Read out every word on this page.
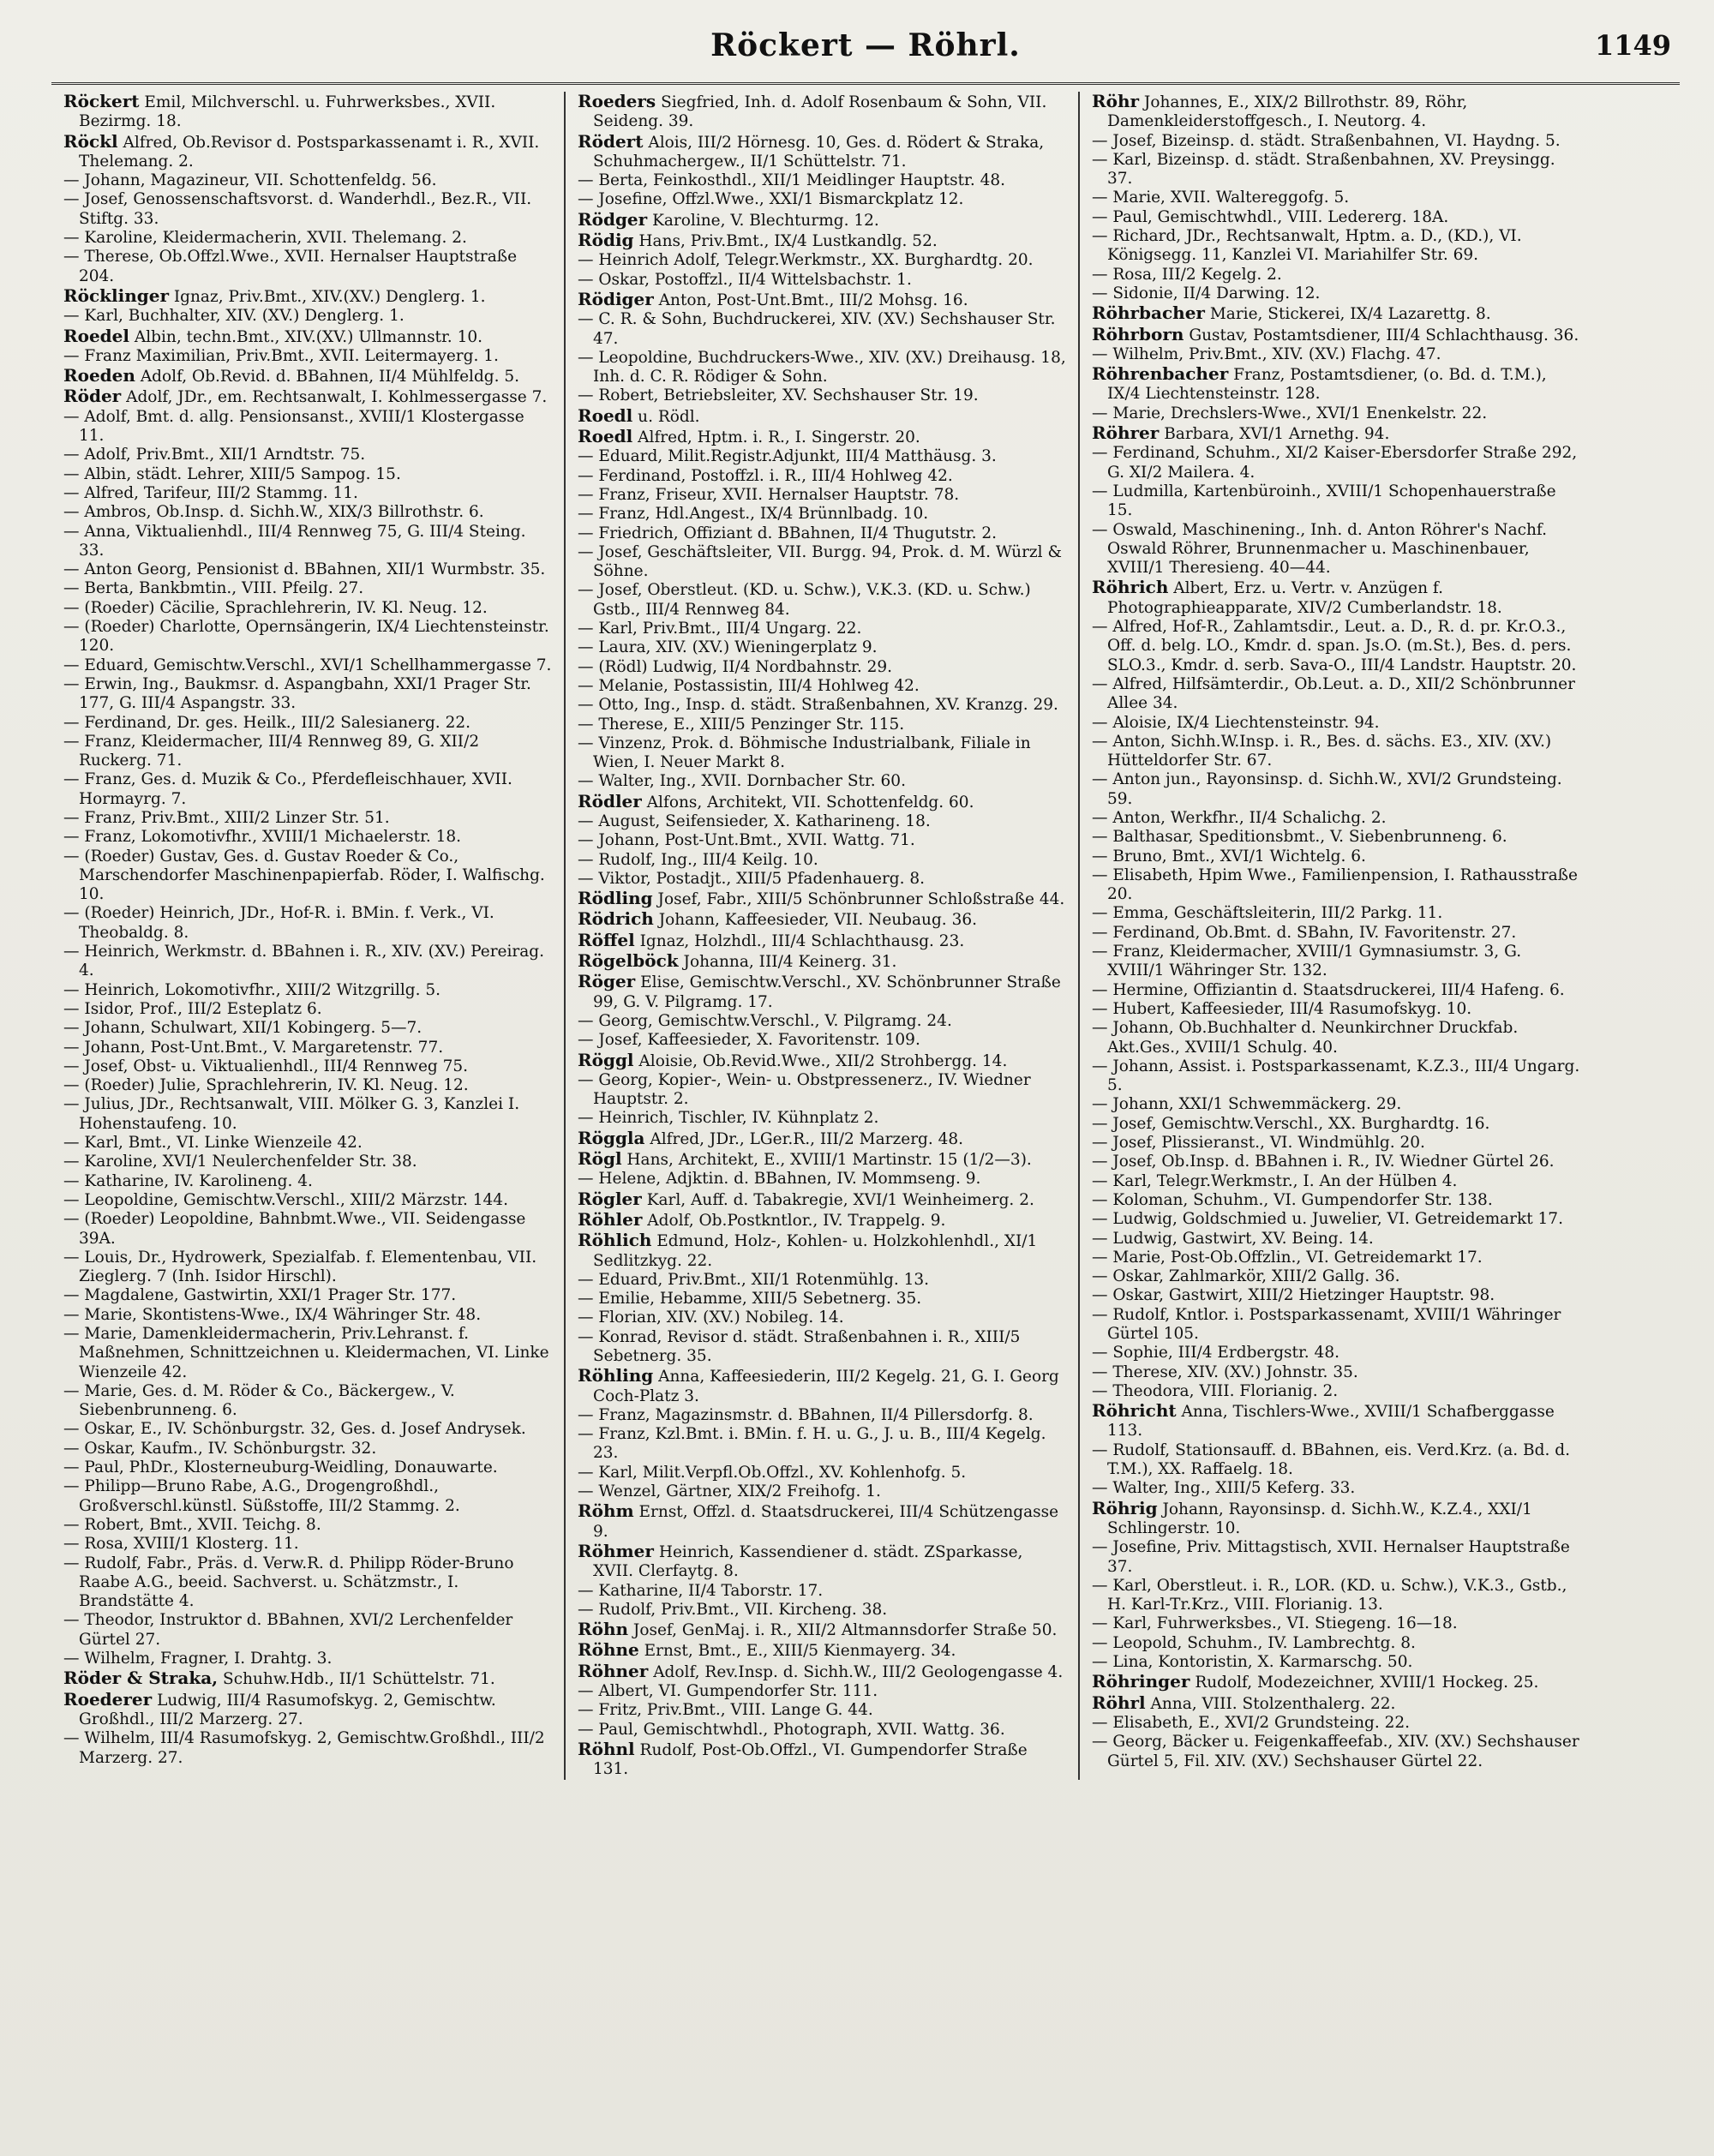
Röckert — Röhrl.	1149

Röckert Emil, Milchverschl. u. Fuhrwerksbes., XVII. Bezirmg. 18.

Röckl Alfred, Ob.Revisor d. Postsparkassenamt i. R., XVII. Thelemang. 2.

— Johann, Magazineur, VII. Schottenfeldg. 56.

— Josef, Genossenschaftsvorst. d. Wanderhdl., Bez.R., VII. Stiftg. 33.

— Karoline, Kleidermacherin, XVII. Thelemang. 2.

— Therese, Ob.Offzl.Wwe., XVII. Hernalser Hauptstraße 204.

Röcklinger Ignaz, Priv.Bmt., XIV.(XV.) Denglerg. 1.

— Karl, Buchhalter, XIV. (XV.) Denglerg. 1.

Roedel Albin, techn.Bmt., XIV.(XV.) Ullmannstr. 10.

— Franz Maximilian, Priv.Bmt., XVII. Leitermayerg. 1.

Roeden Adolf, Ob.Revid. d. BBahnen, II/4 Mühlfeldg. 5.

Röder Adolf, JDr., em. Rechtsanwalt, I. Kohlmessergasse 7.

— Adolf, Bmt. d. allg. Pensionsanst., XVIII/1 Klostergasse 11.

— Adolf, Priv.Bmt., XII/1 Arndtstr. 75.

— Albin, städt. Lehrer, XIII/5 Sampog. 15.

— Alfred, Tarifeur, III/2 Stammg. 11.

— Ambros, Ob.Insp. d. Sichh.W., XIX/3 Billrothstr. 6.

— Anna, Viktualienhdl., III/4 Rennweg 75, G. III/4 Steing. 33.

— Anton Georg, Pensionist d. BBahnen, XII/1 Wurmbstr. 35.

— Berta, Bankbmtin., VIII. Pfeilg. 27.

— (Roeder) Cäcilie, Sprachlehrerin, IV. Kl. Neug. 12.

— (Roeder) Charlotte, Opernsängerin, IX/4 Liechtensteinstr. 120.

— Eduard, Gemischtw.Verschl., XVI/1 Schellhammergasse 7.

— Erwin, Ing., Baukmsr. d. Aspangbahn, XXI/1 Prager Str. 177, G. III/4 Aspangstr. 33.

— Ferdinand, Dr. ges. Heilk., III/2 Salesianerg. 22.

— Franz, Kleidermacher, III/4 Rennweg 89, G. XII/2 Ruckerg. 71.

— Franz, Ges. d. Muzik & Co., Pferdefleischhauer, XVII. Hormayrg. 7.

— Franz, Priv.Bmt., XIII/2 Linzer Str. 51.

— Franz, Lokomotivfhr., XVIII/1 Michaelerstr. 18.

— (Roeder) Gustav, Ges. d. Gustav Roeder & Co., Marschendorfer Maschinenpapierfab. Röder, I. Walfischg. 10.

— (Roeder) Heinrich, JDr., Hof-R. i. BMin. f. Verk., VI. Theobaldg. 8.

— Heinrich, Werkmstr. d. BBahnen i. R., XIV. (XV.) Pereirag. 4.

— Heinrich, Lokomotivfhr., XIII/2 Witzgrillg. 5.

— Isidor, Prof., III/2 Esteplatz 6.

— Johann, Schulwart, XII/1 Kobingerg. 5—7.

— Johann, Post-Unt.Bmt., V. Margaretenstr. 77.

— Josef, Obst- u. Viktualienhdl., III/4 Rennweg 75.

— (Roeder) Julie, Sprachlehrerin, IV. Kl. Neug. 12.

— Julius, JDr., Rechtsanwalt, VIII. Mölker G. 3, Kanzlei I. Hohenstaufeng. 10.

— Karl, Bmt., VI. Linke Wienzeile 42.

— Karoline, XVI/1 Neulerchenfelder Str. 38.

— Katharine, IV. Karolineng. 4.

— Leopoldine, Gemischtw.Verschl., XIII/2 Märzstr. 144.

— (Roeder) Leopoldine, Bahnbmt.Wwe., VII. Seidengasse 39A.

— Louis, Dr., Hydrowerk, Spezialfab. f. Elementenbau, VII. Zieglerg. 7 (Inh. Isidor Hirschl).

— Magdalene, Gastwirtin, XXI/1 Prager Str. 177.

— Marie, Skontistens-Wwe., IX/4 Währinger Str. 48.

— Marie, Damenkleidermacherin, Priv.Lehranst. f. Maßnehmen, Schnittzeichnen u. Kleidermachen, VI. Linke Wienzeile 42.

— Marie, Ges. d. M. Röder & Co., Bäckergew., V. Siebenbrunneng. 6.

— Oskar, E., IV. Schönburgstr. 32, Ges. d. Josef Andrysek.

— Oskar, Kaufm., IV. Schönburgstr. 32.

— Paul, PhDr., Klosterneuburg-Weidling, Donauwarte.

— Philipp—Bruno Rabe, A.G., Drogengroßhdl., Großverschl.künstl. Süßstoffe, III/2 Stammg. 2.

— Robert, Bmt., XVII. Teichg. 8.

— Rosa, XVIII/1 Klosterg. 11.

— Rudolf, Fabr., Präs. d. Verw.R. d. Philipp Röder-Bruno Raabe A.G., beeid. Sachverst. u. Schätzmstr., I. Brandstätte 4.

— Theodor, Instruktor d. BBahnen, XVI/2 Lerchenfelder Gürtel 27.

— Wilhelm, Fragner, I. Drahtg. 3.

Röder & Straka, Schuhw.Hdb., II/1 Schüttelstr. 71.

Roederer Ludwig, III/4 Rasumofskyg. 2, Gemischtw. Großhdl., III/2 Marzerg. 27.

— Wilhelm, III/4 Rasumofskyg. 2, Gemischtw.Großhdl., III/2 Marzerg. 27.

Roeders Siegfried, Inh. d. Adolf Rosenbaum & Sohn, VII. Seideng. 39.

Rödert Alois, III/2 Hörnesg. 10, Ges. d. Rödert & Straka, Schuhmachergew., II/1 Schüttelstr. 71.

— Berta, Feinkosthdl., XII/1 Meidlinger Hauptstr. 48.

— Josefine, Offzl.Wwe., XXI/1 Bismarckplatz 12.

Rödger Karoline, V. Blechturmg. 12.

Rödig Hans, Priv.Bmt., IX/4 Lustkandlg. 52.

— Heinrich Adolf, Telegr.Werkmstr., XX. Burghardtg. 20.

— Oskar, Postoffzl., II/4 Wittelsbachstr. 1.

Rödiger Anton, Post-Unt.Bmt., III/2 Mohsg. 16.

— C. R. & Sohn, Buchdruckerei, XIV. (XV.) Sechshauser Str. 47.

— Leopoldine, Buchdruckers-Wwe., XIV. (XV.) Dreihausg. 18, Inh. d. C. R. Rödiger & Sohn.

— Robert, Betriebsleiter, XV. Sechshauser Str. 19.

Roedl u. Rödl.

Roedl Alfred, Hptm. i. R., I. Singerstr. 20.

— Eduard, Milit.Registr.Adjunkt, III/4 Matthäusg. 3.

— Ferdinand, Postoffzl. i. R., III/4 Hohlweg 42.

— Franz, Friseur, XVII. Hernalser Hauptstr. 78.

— Franz, Hdl.Angest., IX/4 Brünnlbadg. 10.

— Friedrich, Offiziant d. BBahnen, II/4 Thugutstr. 2.

— Josef, Geschäftsleiter, VII. Burgg. 94, Prok. d. M. Würzl & Söhne.

— Josef, Oberstleut. (KD. u. Schw.), V.K.3. (KD. u. Schw.) Gstb., III/4 Rennweg 84.

— Karl, Priv.Bmt., III/4 Ungarg. 22.

— Laura, XIV. (XV.) Wieningerplatz 9.

— (Rödl) Ludwig, II/4 Nordbahnstr. 29.

— Melanie, Postassistin, III/4 Hohlweg 42.

— Otto, Ing., Insp. d. städt. Straßenbahnen, XV. Kranzg. 29.

— Therese, E., XIII/5 Penzinger Str. 115.

— Vinzenz, Prok. d. Böhmische Industrialbank, Filiale in Wien, I. Neuer Markt 8.

— Walter, Ing., XVII. Dornbacher Str. 60.

Rödler Alfons, Architekt, VII. Schottenfeldg. 60.

— August, Seifensieder, X. Katharineng. 18.

— Johann, Post-Unt.Bmt., XVII. Wattg. 71.

— Rudolf, Ing., III/4 Keilg. 10.

— Viktor, Postadjt., XIII/5 Pfadenhauerg. 8.

Rödling Josef, Fabr., XIII/5 Schönbrunner Schloßstraße 44.

Rödrich Johann, Kaffeesieder, VII. Neubaug. 36.

Röffel Ignaz, Holzhdl., III/4 Schlachthausg. 23.

Rögelböck Johanna, III/4 Keinerg. 31.

Röger Elise, Gemischtw.Verschl., XV. Schönbrunner Straße 99, G. V. Pilgramg. 17.

— Georg, Gemischtw.Verschl., V. Pilgramg. 24.

— Josef, Kaffeesieder, X. Favoritenstr. 109.

Röggl Aloisie, Ob.Revid.Wwe., XII/2 Strohbergg. 14.

— Georg, Kopier-, Wein- u. Obstpressenerz., IV. Wiedner Hauptstr. 2.

— Heinrich, Tischler, IV. Kühnplatz 2.

Röggla Alfred, JDr., LGer.R., III/2 Marzerg. 48.

Rögl Hans, Architekt, E., XVIII/1 Martinstr. 15 (1/2—3).

— Helene, Adjktin. d. BBahnen, IV. Mommseng. 9.

Rögler Karl, Auff. d. Tabakregie, XVI/1 Weinheimerg. 2.

Röhler Adolf, Ob.Postkntlor., IV. Trappelg. 9.

Röhlich Edmund, Holz-, Kohlen- u. Holzkohlenhdl., XI/1 Sedlitzkyg. 22.

— Eduard, Priv.Bmt., XII/1 Rotenmühlg. 13.

— Emilie, Hebamme, XIII/5 Sebetnerg. 35.

— Florian, XIV. (XV.) Nobileg. 14.

— Konrad, Revisor d. städt. Straßenbahnen i. R., XIII/5 Sebetnerg. 35.

Röhling Anna, Kaffeesiederin, III/2 Kegelg. 21, G. I. Georg Coch-Platz 3.

— Franz, Magazinsmstr. d. BBahnen, II/4 Pillersdorfg. 8.

— Franz, Kzl.Bmt. i. BMin. f. H. u. G., J. u. B., III/4 Kegelg. 23.

— Karl, Milit.Verpfl.Ob.Offzl., XV. Kohlenhofg. 5.

— Wenzel, Gärtner, XIX/2 Freihofg. 1.

Röhm Ernst, Offzl. d. Staatsdruckerei, III/4 Schützengasse 9.

Röhmer Heinrich, Kassendiener d. städt. ZSparkasse, XVII. Clerfaytg. 8.

— Katharine, II/4 Taborstr. 17.

— Rudolf, Priv.Bmt., VII. Kircheng. 38.

Röhn Josef, GenMaj. i. R., XII/2 Altmannsdorfer Straße 50.

Röhne Ernst, Bmt., E., XIII/5 Kienmayerg. 34.

Röhner Adolf, Rev.Insp. d. Sichh.W., III/2 Geologengasse 4.

— Albert, VI. Gumpendorfer Str. 111.

— Fritz, Priv.Bmt., VIII. Lange G. 44.

— Paul, Gemischtwhdl., Photograph, XVII. Wattg. 36.

Röhnl Rudolf, Post-Ob.Offzl., VI. Gumpendorfer Straße 131.

Röhr Johannes, E., XIX/2 Billrothstr. 89, Röhr, Damenkleiderstoffgesch., I. Neutorg. 4.

— Josef, Bizeinsp. d. städt. Straßenbahnen, VI. Haydng. 5.

— Karl, Bizeinsp. d. städt. Straßenbahnen, XV. Preysingg. 37.

— Marie, XVII. Waltereggofg. 5.

— Paul, Gemischtwhdl., VIII. Ledererg. 18A.

— Richard, JDr., Rechtsanwalt, Hptm. a. D., (KD.), VI. Königsegg. 11, Kanzlei VI. Mariahilfer Str. 69.

— Rosa, III/2 Kegelg. 2.

— Sidonie, II/4 Darwing. 12.

Röhrbacher Marie, Stickerei, IX/4 Lazarettg. 8.

Röhrborn Gustav, Postamtsdiener, III/4 Schlachthausg. 36.

— Wilhelm, Priv.Bmt., XIV. (XV.) Flachg. 47.

Röhrenbacher Franz, Postamtsdiener, (o. Bd. d. T.M.), IX/4 Liechtensteinstr. 128.

— Marie, Drechslers-Wwe., XVI/1 Enenkelstr. 22.

Röhrer Barbara, XVI/1 Arnethg. 94.

— Ferdinand, Schuhm., XI/2 Kaiser-Ebersdorfer Straße 292, G. XI/2 Mailera. 4.

— Ludmilla, Kartenbüroinh., XVIII/1 Schopenhauerstraße 15.

— Oswald, Maschinening., Inh. d. Anton Röhrer's Nachf. Oswald Röhrer, Brunnenmacher u. Maschinenbauer, XVIII/1 Theresieng. 40—44.

Röhrich Albert, Erz. u. Vertr. v. Anzügen f. Photographieapparate, XIV/2 Cumberlandstr. 18.

— Alfred, Hof-R., Zahlamtsdir., Leut. a. D., R. d. pr. Kr.O.3., Off. d. belg. LO., Kmdr. d. span. Js.O. (m.St.), Bes. d. pers. SLO.3., Kmdr. d. serb. Sava-O., III/4 Landstr. Hauptstr. 20.

— Alfred, Hilfsämterdir., Ob.Leut. a. D., XII/2 Schönbrunner Allee 34.

— Aloisie, IX/4 Liechtensteinstr. 94.

— Anton, Sichh.W.Insp. i. R., Bes. d. sächs. E3., XIV. (XV.) Hütteldorfer Str. 67.

— Anton jun., Rayonsinsp. d. Sichh.W., XVI/2 Grundsteing. 59.

— Anton, Werkfhr., II/4 Schalichg. 2.

— Balthasar, Speditionsbmt., V. Siebenbrunneng. 6.

— Bruno, Bmt., XVI/1 Wichtelg. 6.

— Elisabeth, Hpim Wwe., Familienpension, I. Rathausstraße 20.

— Emma, Geschäftsleiterin, III/2 Parkg. 11.

— Ferdinand, Ob.Bmt. d. SBahn, IV. Favoritenstr. 27.

— Franz, Kleidermacher, XVIII/1 Gymnasiumstr. 3, G. XVIII/1 Währinger Str. 132.

— Hermine, Offiziantin d. Staatsdruckerei, III/4 Hafeng. 6.

— Hubert, Kaffeesieder, III/4 Rasumofskyg. 10.

— Johann, Ob.Buchhalter d. Neunkirchner Druckfab. Akt.Ges., XVIII/1 Schulg. 40.

— Johann, Assist. i. Postsparkassenamt, K.Z.3., III/4 Ungarg. 5.

— Johann, XXI/1 Schwemmäckerg. 29.

— Josef, Gemischtw.Verschl., XX. Burghardtg. 16.

— Josef, Plissieranst., VI. Windmühlg. 20.

— Josef, Ob.Insp. d. BBahnen i. R., IV. Wiedner Gürtel 26.

— Karl, Telegr.Werkmstr., I. An der Hülben 4.

— Koloman, Schuhm., VI. Gumpendorfer Str. 138.

— Ludwig, Goldschmied u. Juwelier, VI. Getreidemarkt 17.

— Ludwig, Gastwirt, XV. Being. 14.

— Marie, Post-Ob.Offzlin., VI. Getreidemarkt 17.

— Oskar, Zahlmarkör, XIII/2 Gallg. 36.

— Oskar, Gastwirt, XIII/2 Hietzinger Hauptstr. 98.

— Rudolf, Kntlor. i. Postsparkassenamt, XVIII/1 Währinger Gürtel 105.

— Sophie, III/4 Erdbergstr. 48.

— Therese, XIV. (XV.) Johnstr. 35.

— Theodora, VIII. Florianig. 2.

Röhricht Anna, Tischlers-Wwe., XVIII/1 Schafberggasse 113.

— Rudolf, Stationsauff. d. BBahnen, eis. Verd.Krz. (a. Bd. d. T.M.), XX. Raffaelg. 18.

— Walter, Ing., XIII/5 Keferg. 33.

Röhrig Johann, Rayonsinsp. d. Sichh.W., K.Z.4., XXI/1 Schlingerstr. 10.

— Josefine, Priv. Mittagstisch, XVII. Hernalser Hauptstraße 37.

— Karl, Oberstleut. i. R., LOR. (KD. u. Schw.), V.K.3., Gstb., H. Karl-Tr.Krz., VIII. Florianig. 13.

— Karl, Fuhrwerksbes., VI. Stiegeng. 16—18.

— Leopold, Schuhm., IV. Lambrechtg. 8.

— Lina, Kontoristin, X. Karmarschg. 50.

Röhringer Rudolf, Modezeichner, XVIII/1 Hockeg. 25.

Röhrl Anna, VIII. Stolzenthalerg. 22.

— Elisabeth, E., XVI/2 Grundsteing. 22.

— Georg, Bäcker u. Feigenkaffeefab., XIV. (XV.) Sechshauser Gürtel 5, Fil. XIV. (XV.) Sechshauser Gürtel 22.
